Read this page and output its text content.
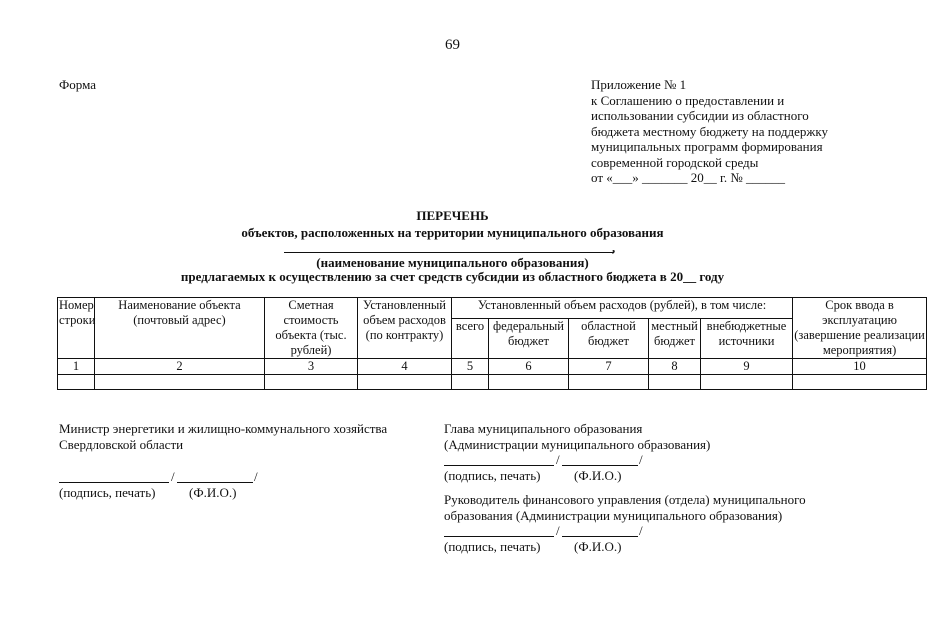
69
Форма	Приложение № 1
к Соглашению о предоставлении и
использовании субсидии из областного
бюджета местному бюджету на поддержку
муниципальных программ формирования
современной городской среды
от «___» _______ 20__ г. № ______
ПЕРЕЧЕНЬ
объектов, расположенных на территории муниципального образования
,
(наименование муниципального образования)
предлагаемых к осуществлению за счет средств субсидии из областного бюджета в 20__ году
Номер строки	Наименование объекта (почтовый адрес)	Сметная стоимость объекта (тыс. рублей)	Установленный объем расходов (по контракту)	Установленный объем расходов (рублей), в том числе:					Срок ввода в эксплуатацию (завершение реализации мероприятия)
				всего	федеральный бюджет	областной бюджет	местный бюджет	внебюджетные источники	
1	2	3	4	5	6	7	8	9	10

Министр энергетики и жилищно-коммунального хозяйства
Свердловской области
/	/
(подпись, печать)	(Ф.И.О.)
Глава муниципального образования
(Администрации муниципального образования)
/	/
(подпись, печать)	(Ф.И.О.)
Руководитель финансового управления (отдела) муниципального
образования (Администрации муниципального образования)
/	/
(подпись, печать)	(Ф.И.О.)
